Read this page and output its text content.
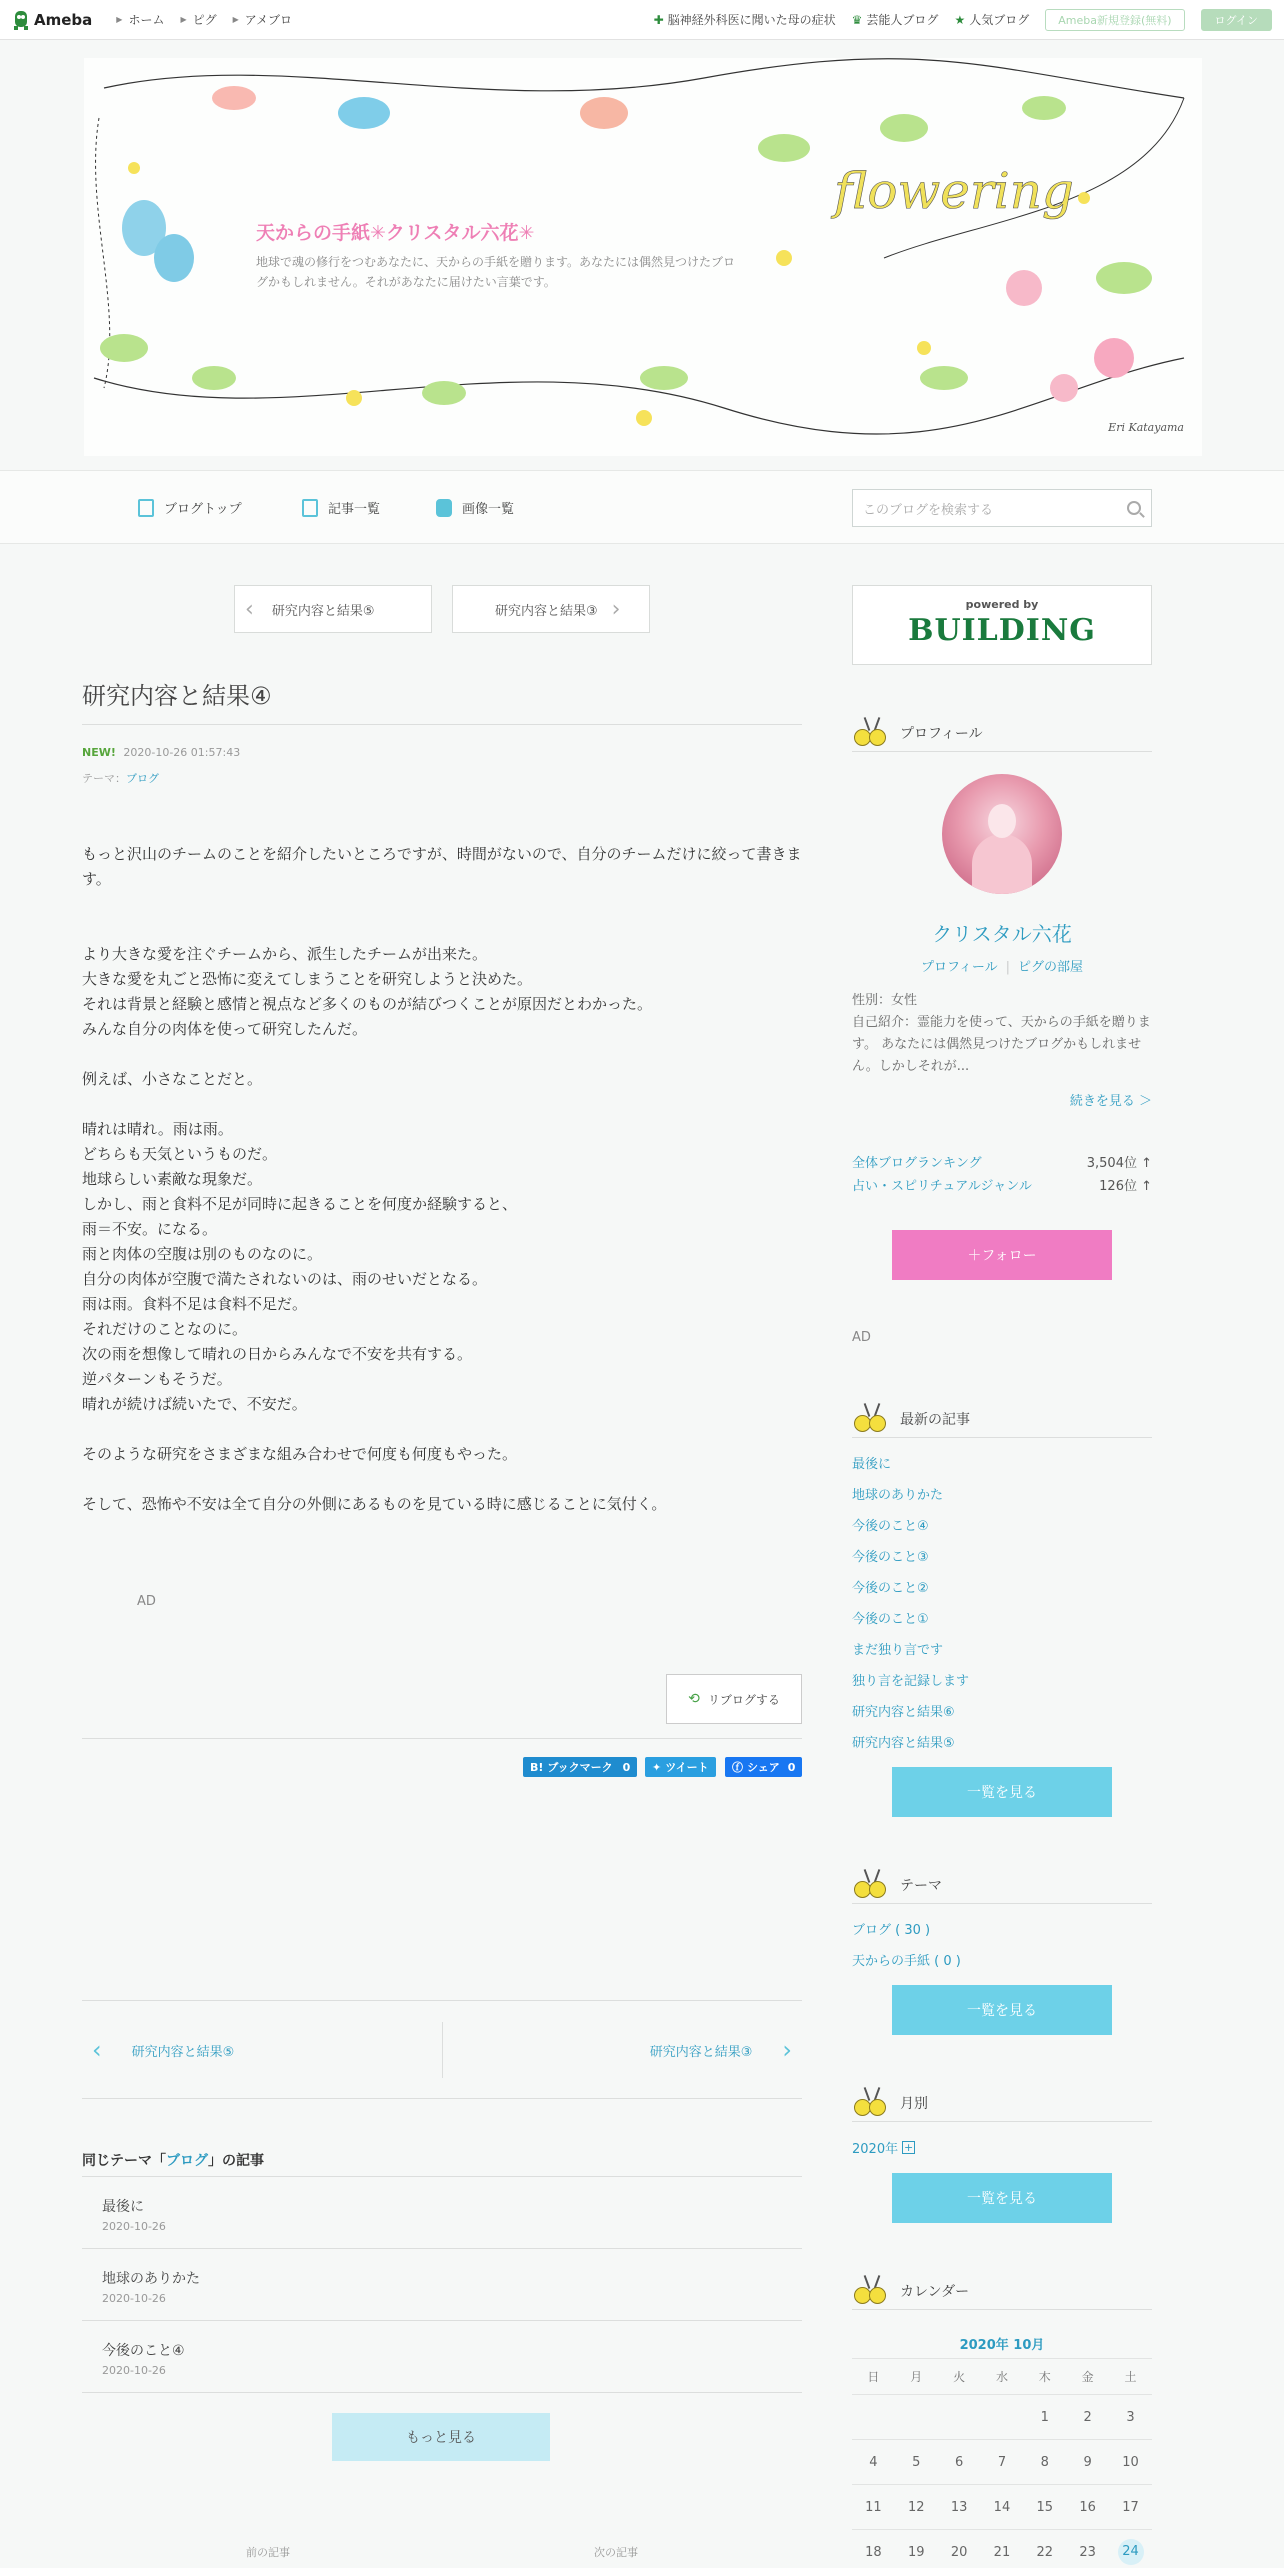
Ameba	▶ ホーム ▶ ピグ ▶ アメブロ	✚ 脳神経外科医に聞いた母の症状 ♛ 芸能人ブログ ★ 人気ブログ	Ameba新規登録(無料)	ログイン
flowering
天からの手紙✳︎クリスタル六花✳︎
地球で魂の修行をつむあなたに、天からの手紙を贈ります。あなたには偶然見つけたブログかもしれません。それがあなたに届けたい言葉です。
Eri Katayama
ブログトップ	記事一覧	画像一覧	このブログを検索する
‹ 研究内容と結果⑤	研究内容と結果③ ›
研究内容と結果④
NEW! 2020-10-26 01:57:43
テーマ：ブログ

もっと沢山のチームのことを紹介したいところですが、時間がないので、自分のチームだけに絞って書きます。

より大きな愛を注ぐチームから、派生したチームが出来た。
大きな愛を丸ごと恐怖に変えてしまうことを研究しようと決めた。
それは背景と経験と感情と視点など多くのものが結びつくことが原因だとわかった。
みんな自分の肉体を使って研究したんだ。

例えば、小さなことだと。

晴れは晴れ。雨は雨。
どちらも天気というものだ。
地球らしい素敵な現象だ。
しかし、雨と食料不足が同時に起きることを何度か経験すると、
雨＝不安。になる。
雨と肉体の空腹は別のものなのに。
自分の肉体が空腹で満たされないのは、雨のせいだとなる。
雨は雨。食料不足は食料不足だ。
それだけのことなのに。
次の雨を想像して晴れの日からみんなで不安を共有する。
逆パターンもそうだ。
晴れが続けば続いたで、不安だ。

そのような研究をさまざまな組み合わせで何度も何度もやった。

そして、恐怖や不安は全て自分の外側にあるものを見ている時に感じることに気付く。

AD
⟲ リブログする
B! ブックマーク 0 ✦ ツイート ⓕ シェア 0
‹ 研究内容と結果⑤	研究内容と結果③ ›
同じテーマ「ブログ」の記事
最後に
2020-10-26
地球のありかた
2020-10-26
今後のこと④
2020-10-26
もっと見る
前の記事	次の記事
powered by
BUILDING
プロフィール
クリスタル六花
プロフィール | ピグの部屋
性別：女性
自己紹介：霊能力を使って、天からの手紙を贈ります。 あなたには偶然見つけたブログかもしれません。しかしそれが...
続きを見る ＞
全体ブログランキング	3,504位 ↑
占い・スピリチュアルジャンル	126位 ↑
＋フォロー
AD
最新の記事
最後に
地球のありかた
今後のこと④
今後のこと③
今後のこと②
今後のこと①
まだ独り言です
独り言を記録します
研究内容と結果⑥
研究内容と結果⑤
一覧を見る
テーマ
ブログ ( 30 )
天からの手紙 ( 0 )
一覧を見る
月別
2020年 +
一覧を見る
カレンダー
2020年 10月
日	月	火	水	木	金	土
				1	2	3
4	5	6	7	8	9	10
11	12	13	14	15	16	17
18	19	20	21	22	23	24
